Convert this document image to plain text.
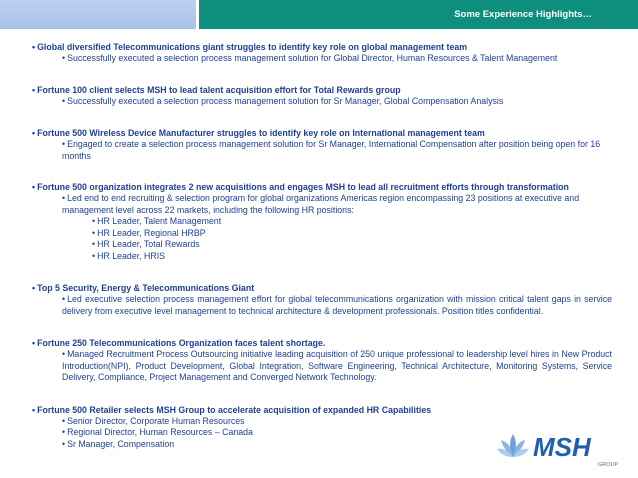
Some Experience Highlights…

• Global diversified Telecommunications giant struggles to identify key role on global management team

• Successfully executed a selection process management solution for Global Director, Human Resources & Talent Management

• Fortune 100 client selects MSH to lead talent acquisition effort for Total Rewards group

• Successfully executed a selection process management solution for Sr Manager, Global Compensation Analysis

• Fortune 500 Wireless Device Manufacturer struggles to identify key role on International management team

• Engaged to create a selection process management solution for Sr Manager, International Compensation after position being open for 16 months

• Fortune 500 organization integrates 2 new acquisitions and engages MSH to lead all recruitment efforts through transformation

• Led end to end recruiting & selection program for global organizations Americas region encompassing 23 positions at executive and management level across 22 markets, including the following HR positions:

• HR Leader, Talent Management

• HR Leader, Regional HRBP

• HR Leader, Total Rewards

• HR Leader, HRIS

• Top 5 Security, Energy & Telecommunications Giant

• Led executive selection process management effort for global telecommunications organization with mission critical talent gaps in service delivery from executive level management to technical architecture & development professionals. Position titles confidential.

• Fortune 250 Telecommunications Organization faces talent shortage.

• Managed Recruitment Process Outsourcing initiative leading acquisition of 250 unique professional to leadership level hires in New Product Introduction(NPI), Product Development, Global Integration, Software Engineering, Technical Architecture, Monitoring Systems, Service Delivery, Compliance, Project Management and Converged Network Technology.

• Fortune 500 Retailer selects MSH Group to accelerate acquisition of expanded HR Capabilities

• Senior Director, Corporate Human Resources

• Regional Director, Human Resources – Canada

• Sr Manager, Compensation	MSH
GROUP
